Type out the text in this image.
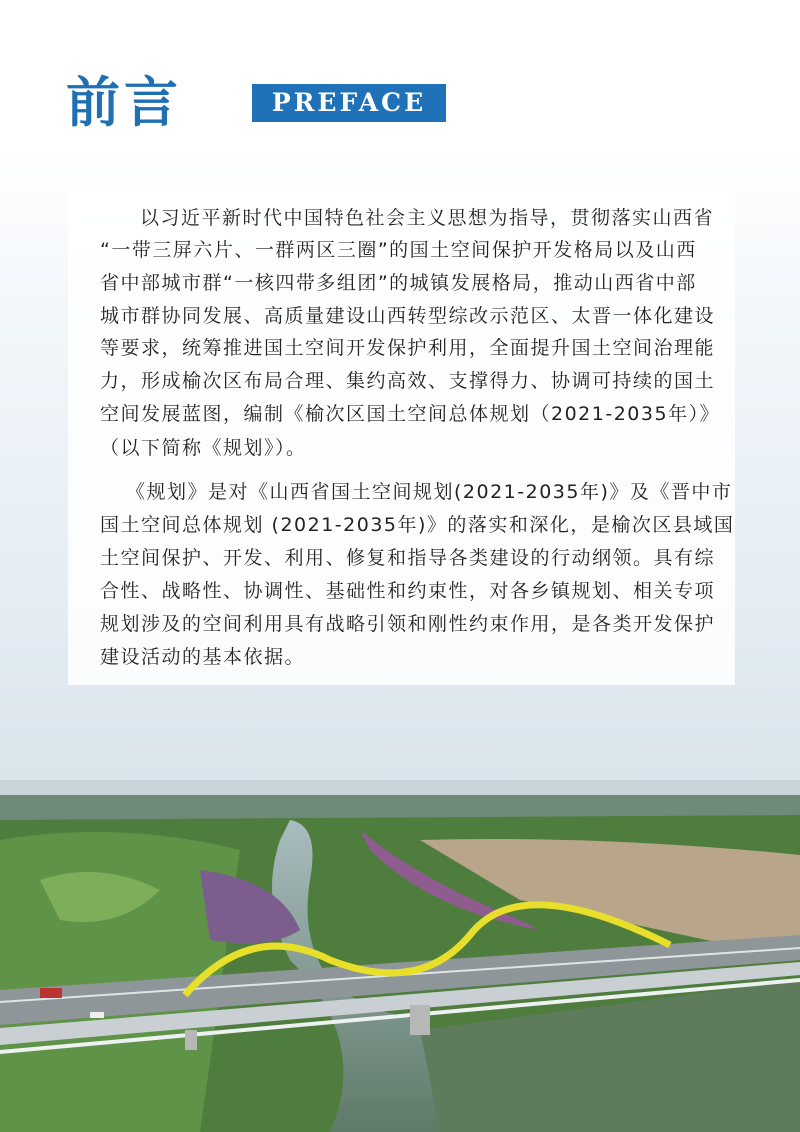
前言	PREFACE
以习近平新时代中国特色社会主义思想为指导，贯彻落实山西省
“一带三屏六片、一群两区三圈”的国土空间保护开发格局以及山西
省中部城市群“一核四带多组团”的城镇发展格局，推动山西省中部
城市群协同发展、高质量建设山西转型综改示范区、太晋一体化建设
等要求，统筹推进国土空间开发保护利用，全面提升国土空间治理能
力，形成榆次区布局合理、集约高效、支撑得力、协调可持续的国土
空间发展蓝图，编制《榆次区国土空间总体规划（2021-2035年）》
（以下简称《规划》）。
《规划》是对《山西省国土空间规划(2021-2035年)》及《晋中市
国土空间总体规划 (2021-2035年)》的落实和深化，是榆次区县域国
土空间保护、开发、利用、修复和指导各类建设的行动纲领。具有综
合性、战略性、协调性、基础性和约束性，对各乡镇规划、相关专项
规划涉及的空间利用具有战略引领和刚性约束作用，是各类开发保护
建设活动的基本依据。
